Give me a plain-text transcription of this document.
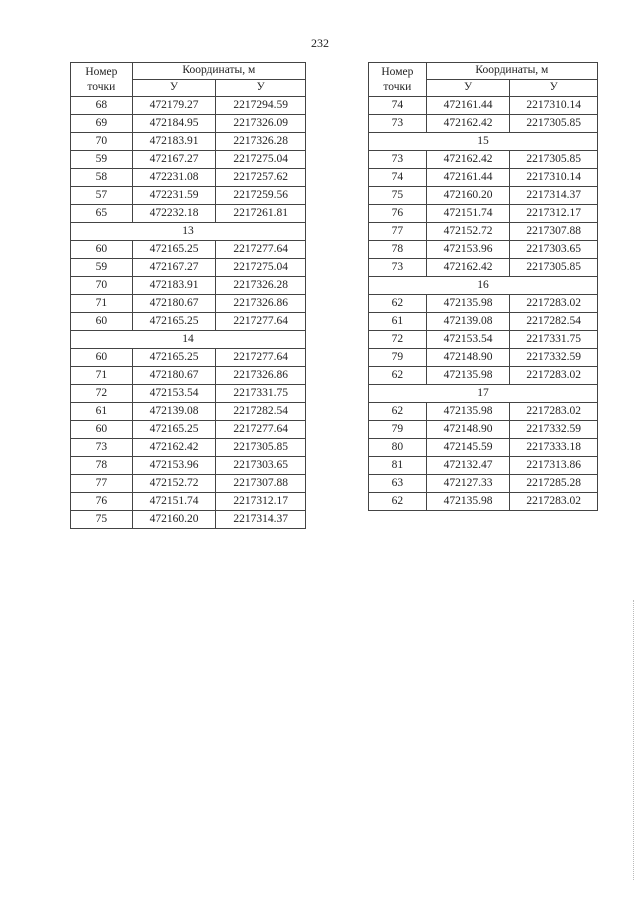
232
Номер
точки	Координаты, м	
	У	У
68	472179.27	2217294.59
69	472184.95	2217326.09
70	472183.91	2217326.28
59	472167.27	2217275.04
58	472231.08	2217257.62
57	472231.59	2217259.56
65	472232.18	2217261.81
13		
60	472165.25	2217277.64
59	472167.27	2217275.04
70	472183.91	2217326.28
71	472180.67	2217326.86
60	472165.25	2217277.64
14		
60	472165.25	2217277.64
71	472180.67	2217326.86
72	472153.54	2217331.75
61	472139.08	2217282.54
60	472165.25	2217277.64
73	472162.42	2217305.85
78	472153.96	2217303.65
77	472152.72	2217307.88
76	472151.74	2217312.17
75	472160.20	2217314.37
Номер
точки	Координаты, м	
	У	У
74	472161.44	2217310.14
73	472162.42	2217305.85
15		
73	472162.42	2217305.85
74	472161.44	2217310.14
75	472160.20	2217314.37
76	472151.74	2217312.17
77	472152.72	2217307.88
78	472153.96	2217303.65
73	472162.42	2217305.85
16		
62	472135.98	2217283.02
61	472139.08	2217282.54
72	472153.54	2217331.75
79	472148.90	2217332.59
62	472135.98	2217283.02
17		
62	472135.98	2217283.02
79	472148.90	2217332.59
80	472145.59	2217333.18
81	472132.47	2217313.86
63	472127.33	2217285.28
62	472135.98	2217283.02
